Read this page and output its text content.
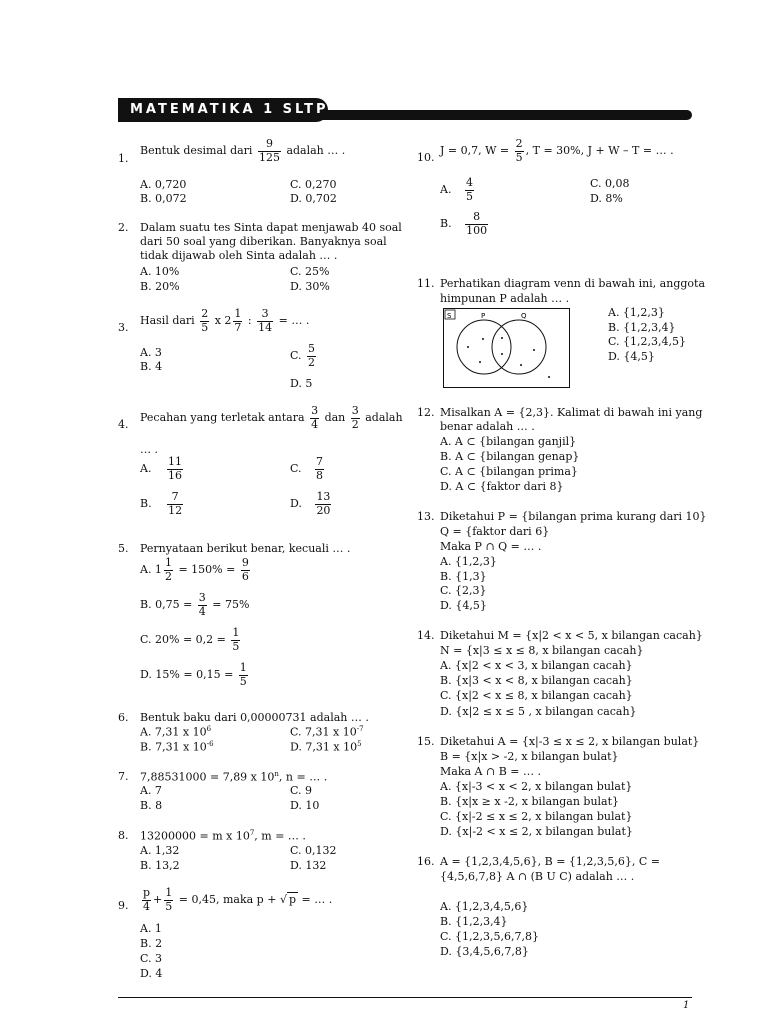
MATEMATIKA 1 SLTP
1.
Bentuk desimal dari $\frac{9}{125}$ adalah … .
A. 0,720
B. 0,072
C. 0,270
D. 0,702
2. Dalam suatu tes Sinta dapat menjawab 40 soal
dari 50 soal yang diberikan. Banyaknya soal
tidak dijawab oleh Sinta adalah … .
A. 10%
B. 20%
C. 25%
D. 30%
3.
Hasil dari $\frac{2}{5}$ x $2 \frac{1}{7}$ : $\frac{3}{14}$ = … .
A. 3
B. 4
C. $\frac{5}{2}$
D. 5
4.
Pecahan yang terletak antara $\frac{3}{4}$ dan $\frac{3}{2}$ adalah
… .
A. $\frac{11}{16}$
B. $\frac{7}{12}$
C. $\frac{7}{8}$
D. $\frac{13}{20}$
5. Pernyataan berikut benar, kecuali … .
A. $1 \frac{1}{2} = 150\% = \frac{9}{6}$
B. $0,75 = \frac{3}{4} = 75\%$
C. $20\% = 0,2 = \frac{1}{5}$
D. $15\% = 0,15 = \frac{1}{5}$
6. Bentuk baku dari 0,00000731 adalah … .
A. 7,31 x $10^6$
B. 7,31 x $10^{-6}$
C. 7,31 x $10^{-7}$
D. 7,31 x $10^5$
7. 7,88531000 = 7,89 x 10$^n$, n = … .
A. 7
B. 8
C. 9
D. 10
8. 13200000 = m x $10^7$, m = … .
A. 1,32
B. 13,2
C. 0,132
D. 132
9. $\frac{p}{4} + \frac{1}{5} = 0,45$, maka p + √ p = … .
A. 1
B. 2
C. 3
D. 4
10.
J = 0,7, $W = \frac{2}{5}$ , T = 30%, J + W – T = … .
A. $\frac{4}{5}$
B. $\frac{8}{100}$
C. 0,08
D. 8%
11. Perhatikan diagram venn di bawah ini, anggota
himpunan P adalah … .
S	P	Q	A. {1,2,3}
B. {1,2,3,4}
C. {1,2,3,4,5}
D. {4,5}
12. Misalkan A = {2,3}. Kalimat di bawah ini yang
benar adalah … .
A. A ⊂ {bilangan ganjil}
B. A ⊂ {bilangan genap}
C. A ⊂ {bilangan prima}
D. A ⊂ {faktor dari 8}
13. Diketahui P = {bilangan prima kurang dari 10}
Q = {faktor dari 6}
Maka P ∩ Q = … .
A. {1,2,3}
B. {1,3}
C. {2,3}
D. {4,5}
14. Diketahui M = {x|2 < x < 5, x bilangan cacah}
N = {x|3 ≤ x ≤ 8, x bilangan cacah}
A. {x|2 < x < 3, x bilangan cacah}
B. {x|3 < x < 8, x bilangan cacah}
C. {x|2 < x ≤ 8, x bilangan cacah}
D. {x|2 ≤ x ≤ 5 , x bilangan cacah}
15. Diketahui A = {x|-3 ≤ x ≤ 2, x bilangan bulat}
B = {x|x > -2, x bilangan bulat}
Maka A ∩ B = … .
A. {x|-3 < x < 2, x bilangan bulat}
B. {x|x ≥ x -2, x bilangan bulat}
C. {x|-2 ≤ x ≤ 2, x bilangan bulat}
D. {x|-2 < x ≤ 2, x bilangan bulat}
16. A = {1,2,3,4,5,6}, B = {1,2,3,5,6}, C =
{4,5,6,7,8} A ∩ (B U C) adalah … .
A. {1,2,3,4,5,6}
B. {1,2,3,4}
C. {1,2,3,5,6,7,8}
D. {3,4,5,6,7,8}
1
